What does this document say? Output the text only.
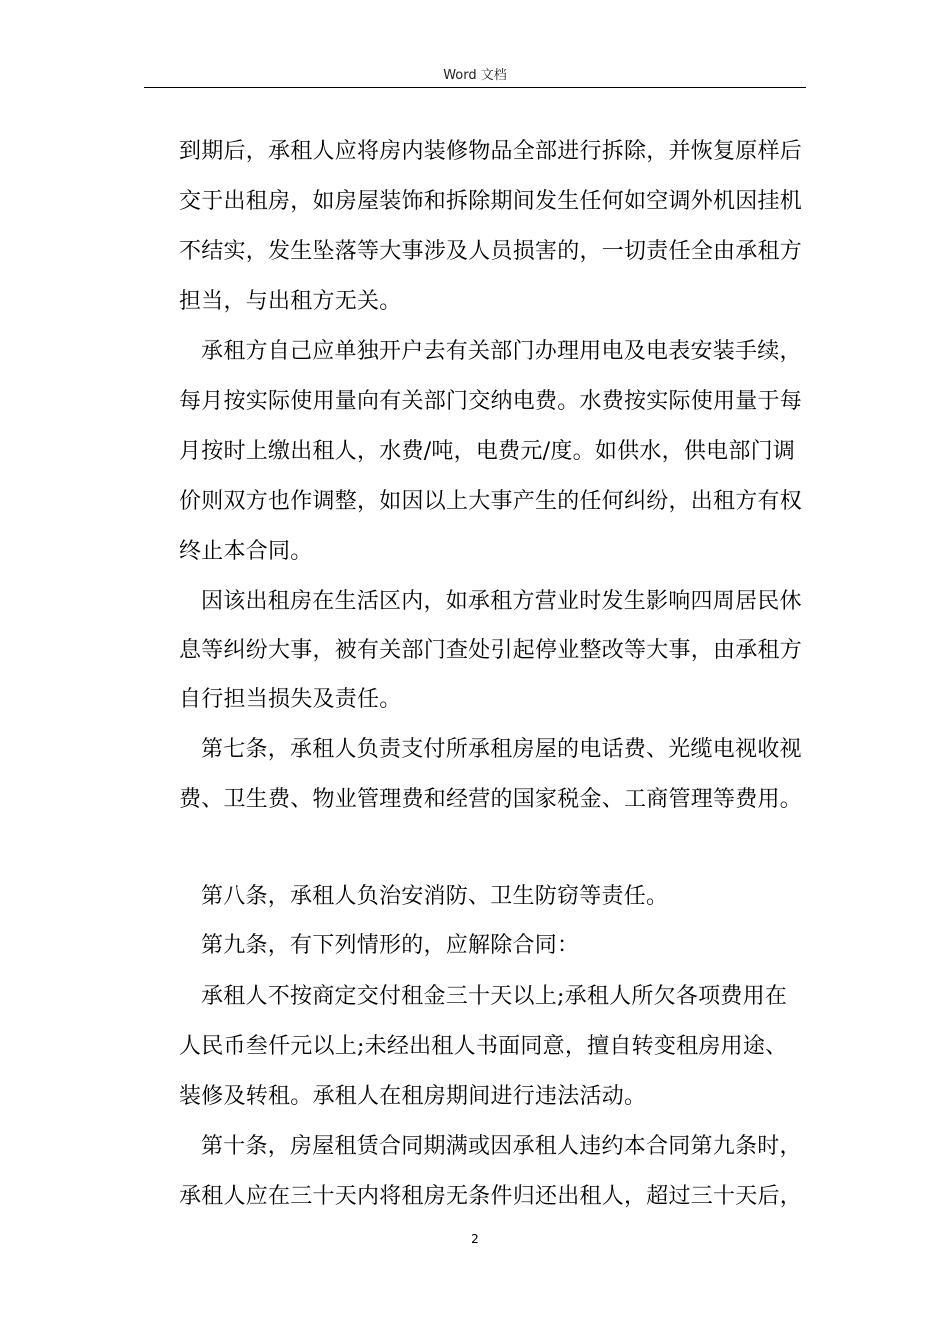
Word 文档
到期后，承租人应将房内装修物品全部进行拆除，并恢复原样后
交于出租房，如房屋装饰和拆除期间发生任何如空调外机因挂机
不结实，发生坠落等大事涉及人员损害的，一切责任全由承租方
担当，与出租方无关。
承租方自己应单独开户去有关部门办理用电及电表安装手续，
每月按实际使用量向有关部门交纳电费。水费按实际使用量于每
月按时上缴出租人，水费/吨，电费元/度。如供水，供电部门调
价则双方也作调整，如因以上大事产生的任何纠纷，出租方有权
终止本合同。
因该出租房在生活区内，如承租方营业时发生影响四周居民休
息等纠纷大事，被有关部门查处引起停业整改等大事，由承租方
自行担当损失及责任。
第七条，承租人负责支付所承租房屋的电话费、光缆电视收视
费、卫生费、物业管理费和经营的国家税金、工商管理等费用。
第八条，承租人负治安消防、卫生防窃等责任。
第九条，有下列情形的，应解除合同：
承租人不按商定交付租金三十天以上;承租人所欠各项费用在
人民币叁仟元以上;未经出租人书面同意，擅自转变租房用途、
装修及转租。承租人在租房期间进行违法活动。
第十条，房屋租赁合同期满或因承租人违约本合同第九条时，
承租人应在三十天内将租房无条件归还出租人，超过三十天后，
2
